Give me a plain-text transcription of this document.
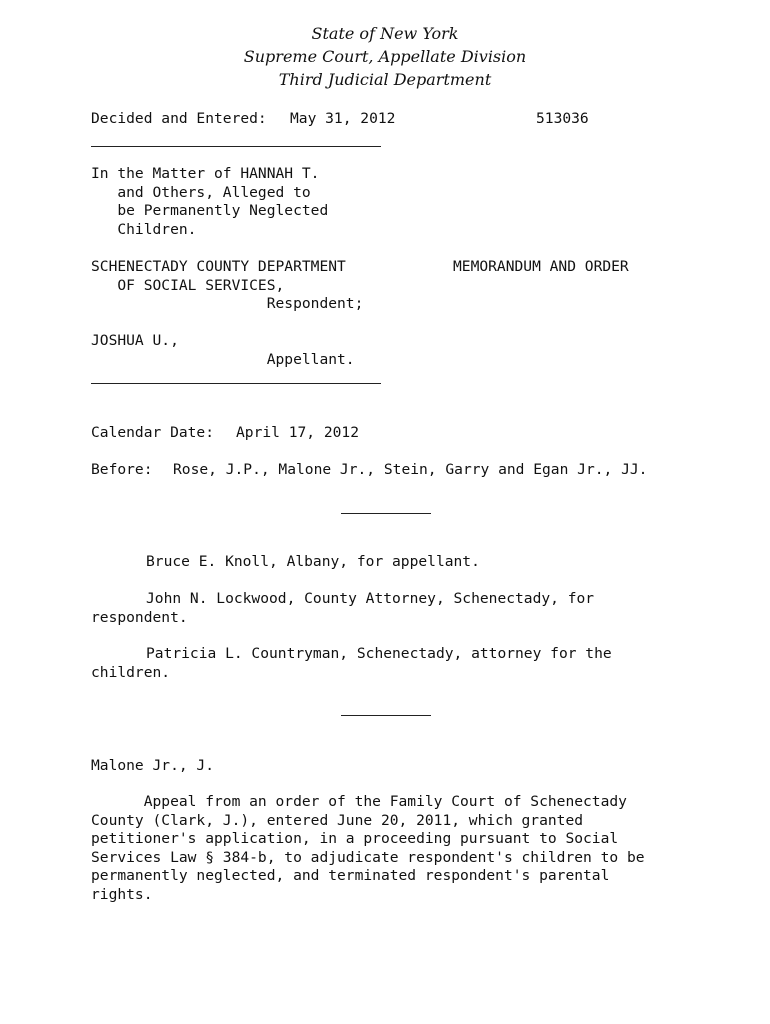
State of New York
Supreme Court, Appellate Division
Third Judicial Department
Decided and Entered: May 31, 2012	513036
In the Matter of HANNAH T.
and Others, Alleged to
be Permanently Neglected
Children.
SCHENECTADY COUNTY DEPARTMENT
OF SOCIAL SERVICES,
Respondent;
MEMORANDUM AND ORDER
JOSHUA U.,
Appellant.
Calendar Date: April 17, 2012
Before: Rose, J.P., Malone Jr., Stein, Garry and Egan Jr., JJ.
Bruce E. Knoll, Albany, for appellant.
John N. Lockwood, County Attorney, Schenectady, for
respondent.
Patricia L. Countryman, Schenectady, attorney for the
children.
Malone Jr., J.
Appeal from an order of the Family Court of Schenectady
County (Clark, J.), entered June 20, 2011, which granted
petitioner's application, in a proceeding pursuant to Social
Services Law § 384-b, to adjudicate respondent's children to be
permanently neglected, and terminated respondent's parental
rights.
